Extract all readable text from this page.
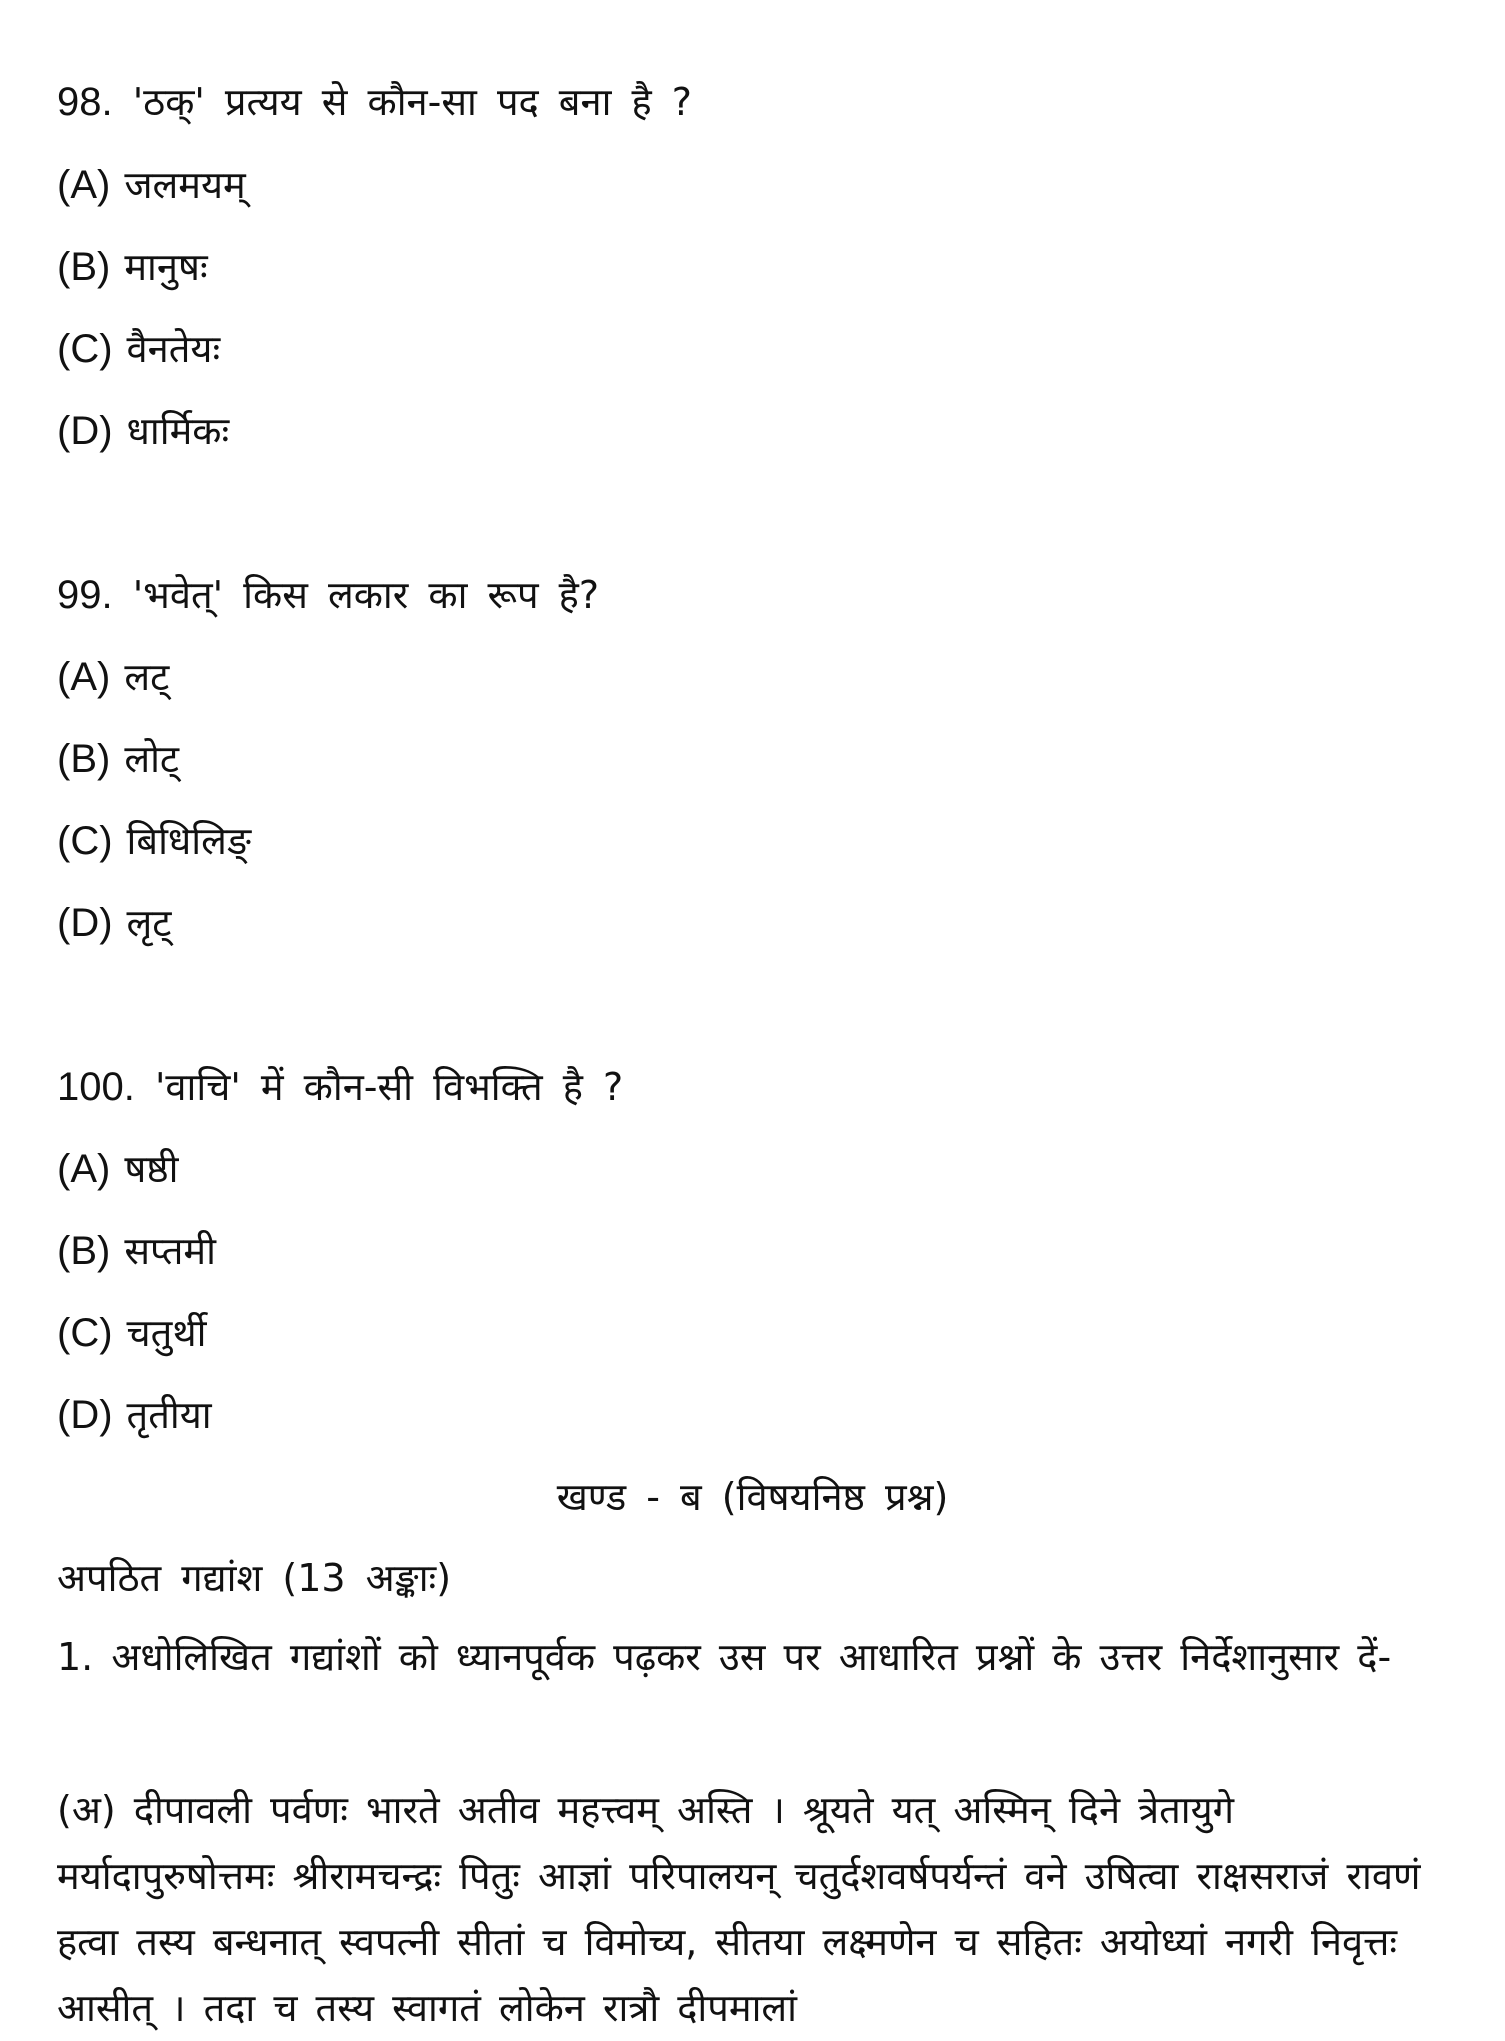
98. 'ठक्' प्रत्यय से कौन-सा पद बना है ?
(A) जलमयम्
(B) मानुषः
(C) वैनतेयः
(D) धार्मिकः
99. 'भवेत्' किस लकार का रूप है?
(A) लट्
(B) लोट्
(C) बिधिलिङ्
(D) लृट्
100. 'वाचि' में कौन-सी विभक्ति है ?
(A) षष्ठी
(B) सप्तमी
(C) चतुर्थी
(D) तृतीया
खण्ड - ब (विषयनिष्ठ प्रश्न)
अपठित गद्यांश (13 अङ्काः)
1. अधोलिखित गद्यांशों को ध्यानपूर्वक पढ़कर उस पर आधारित प्रश्नों के उत्तर निर्देशानुसार दें-
(अ) दीपावली पर्वणः भारते अतीव महत्त्वम् अस्ति । श्रूयते यत् अस्मिन् दिने त्रेतायुगे मर्यादापुरुषोत्तमः श्रीरामचन्द्रः पितुः आज्ञां परिपालयन् चतुर्दशवर्षपर्यन्तं वने उषित्वा राक्षसराजं रावणं हत्वा तस्य बन्धनात् स्वपत्नी सीतां च विमोच्य, सीतया लक्ष्मणेन च सहितः अयोध्यां नगरी निवृत्तः आसीत् । तदा च तस्य स्वागतं लोकेन रात्रौ दीपमालां
